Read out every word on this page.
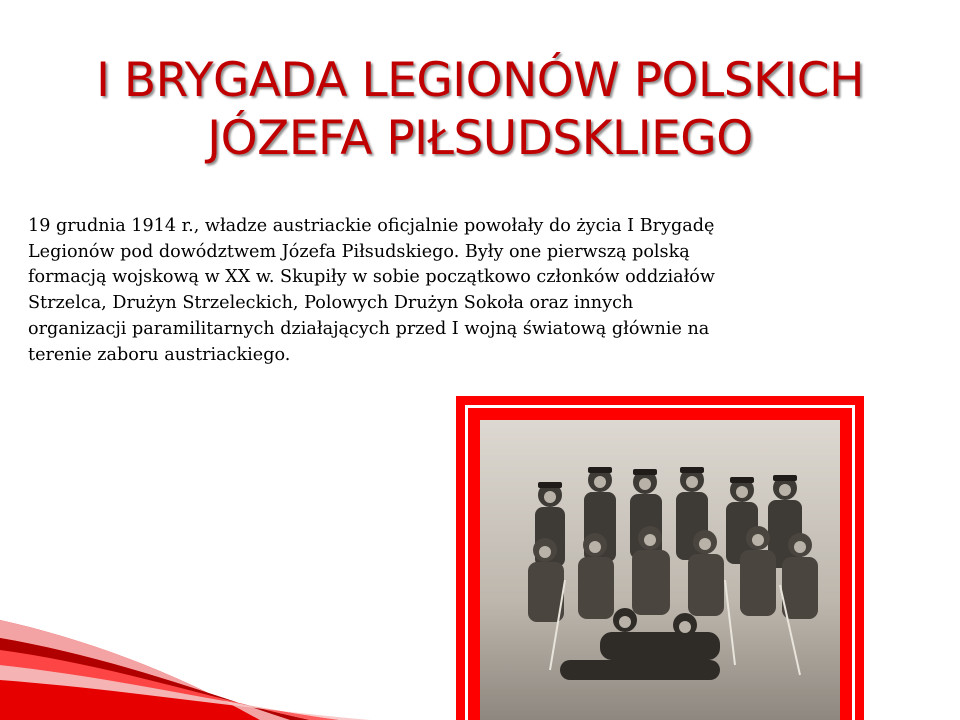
I BRYGADA LEGIONÓW POLSKICH
JÓZEFA PIŁSUDSKLIEGO

19 grudnia 1914 r., władze austriackie oficjalnie powołały do życia I Brygadę
Legionów pod dowództwem Józefa Piłsudskiego. Były one pierwszą polską
formacją wojskową w XX w. Skupiły w sobie początkowo członków oddziałów
Strzelca, Drużyn Strzeleckich, Polowych Drużyn Sokoła oraz innych
organizacji paramilitarnych działających przed I wojną światową głównie na
terenie zaboru austriackiego.
